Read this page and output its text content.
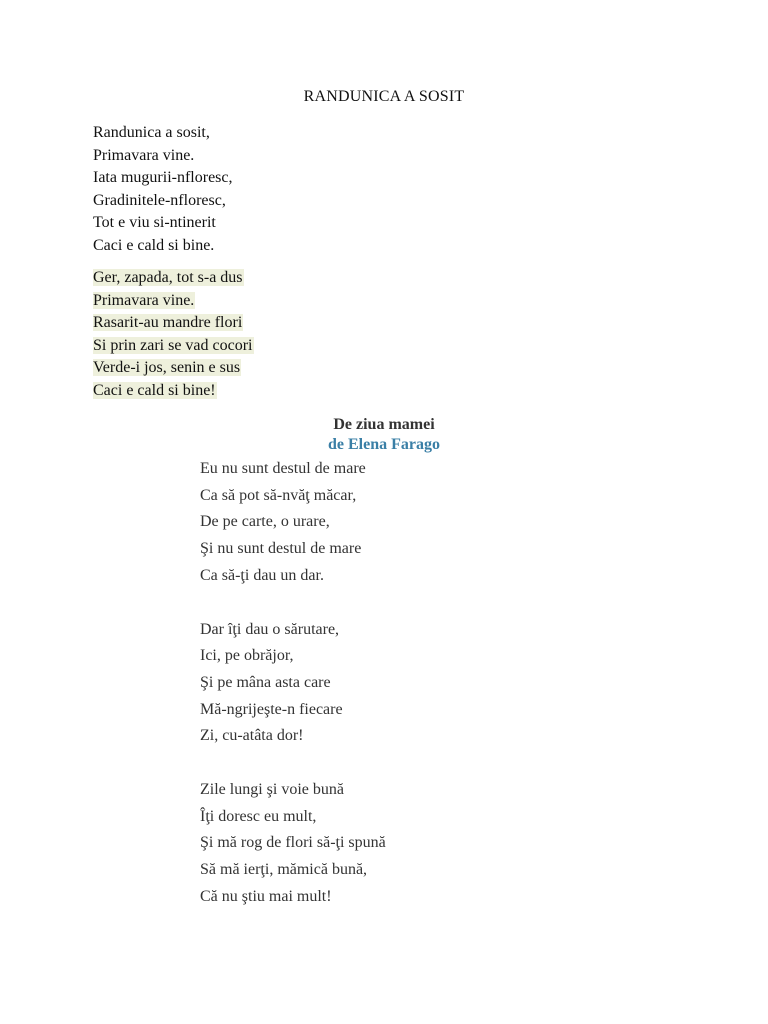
RANDUNICA A SOSIT
Randunica a sosit,
Primavara vine.
Iata mugurii-nfloresc,
Gradinitele-nfloresc,
Tot e viu si-ntinerit
Caci e cald si bine.
Ger, zapada, tot s-a dus
Primavara vine.
Rasarit-au mandre flori
Si prin zari se vad cocori
Verde-i jos, senin e sus
Caci e cald si bine!
De ziua mamei
de Elena Farago
Eu nu sunt destul de mare
Ca să pot să-nvăţ măcar,
De pe carte, o urare,
Şi nu sunt destul de mare
Ca să-ţi dau un dar.
Dar îţi dau o sărutare,
Ici, pe obrăjor,
Şi pe mâna asta care
Mă-ngrijeşte-n fiecare
Zi, cu-atâta dor!
Zile lungi şi voie bună
Îţi doresc eu mult,
Şi mă rog de flori să-ţi spună
Să mă ierţi, mămică bună,
Că nu ştiu mai mult!
